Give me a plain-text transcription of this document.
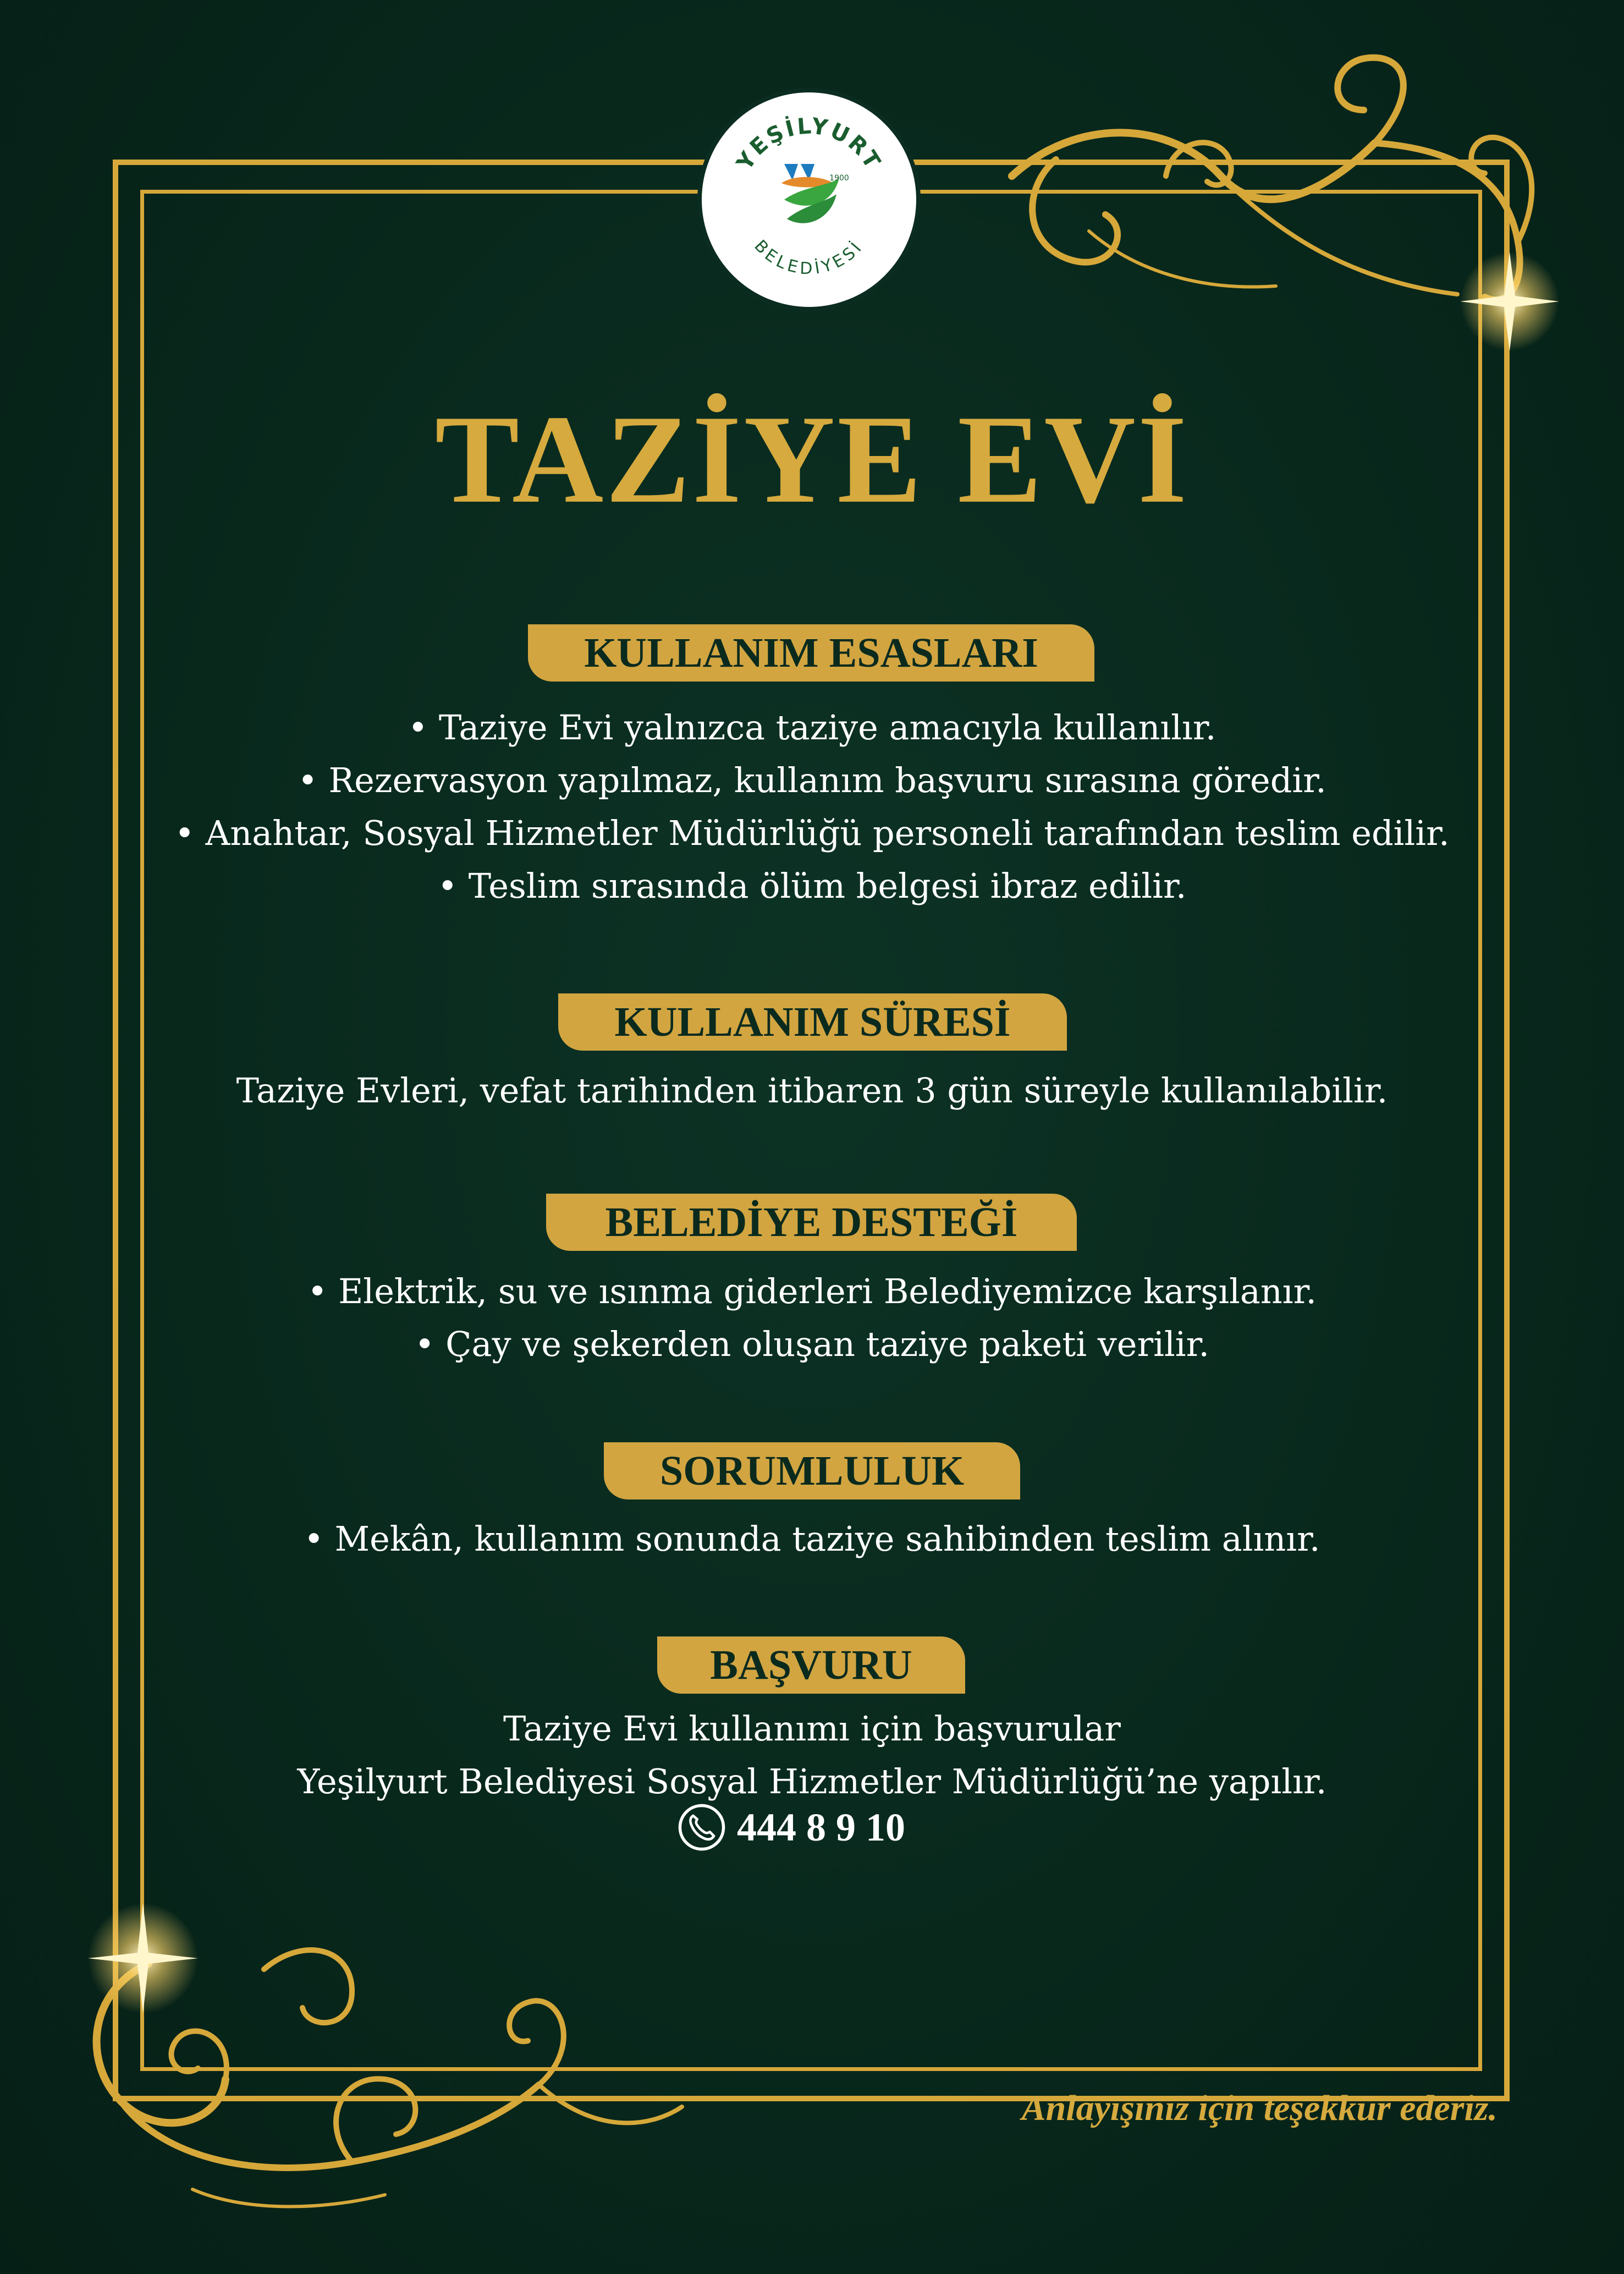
YEŞİLYURT
BELEDİYESİ
1900
TAZİYE EVİ
KULLANIM ESASLARI
• Taziye Evi yalnızca taziye amacıyla kullanılır.
• Rezervasyon yapılmaz, kullanım başvuru sırasına göredir.
• Anahtar, Sosyal Hizmetler Müdürlüğü personeli tarafından teslim edilir.
• Teslim sırasında ölüm belgesi ibraz edilir.
KULLANIM SÜRESİ
Taziye Evleri, vefat tarihinden itibaren 3 gün süreyle kullanılabilir.
BELEDİYE DESTEĞİ
• Elektrik, su ve ısınma giderleri Belediyemizce karşılanır.
• Çay ve şekerden oluşan taziye paketi verilir.
SORUMLULUK
• Mekân, kullanım sonunda taziye sahibinden teslim alınır.
BAŞVURU
Taziye Evi kullanımı için başvurular
Yeşilyurt Belediyesi Sosyal Hizmetler Müdürlüğü’ne yapılır.
444 8 9 10
Anlayışınız için teşekkür ederiz.
